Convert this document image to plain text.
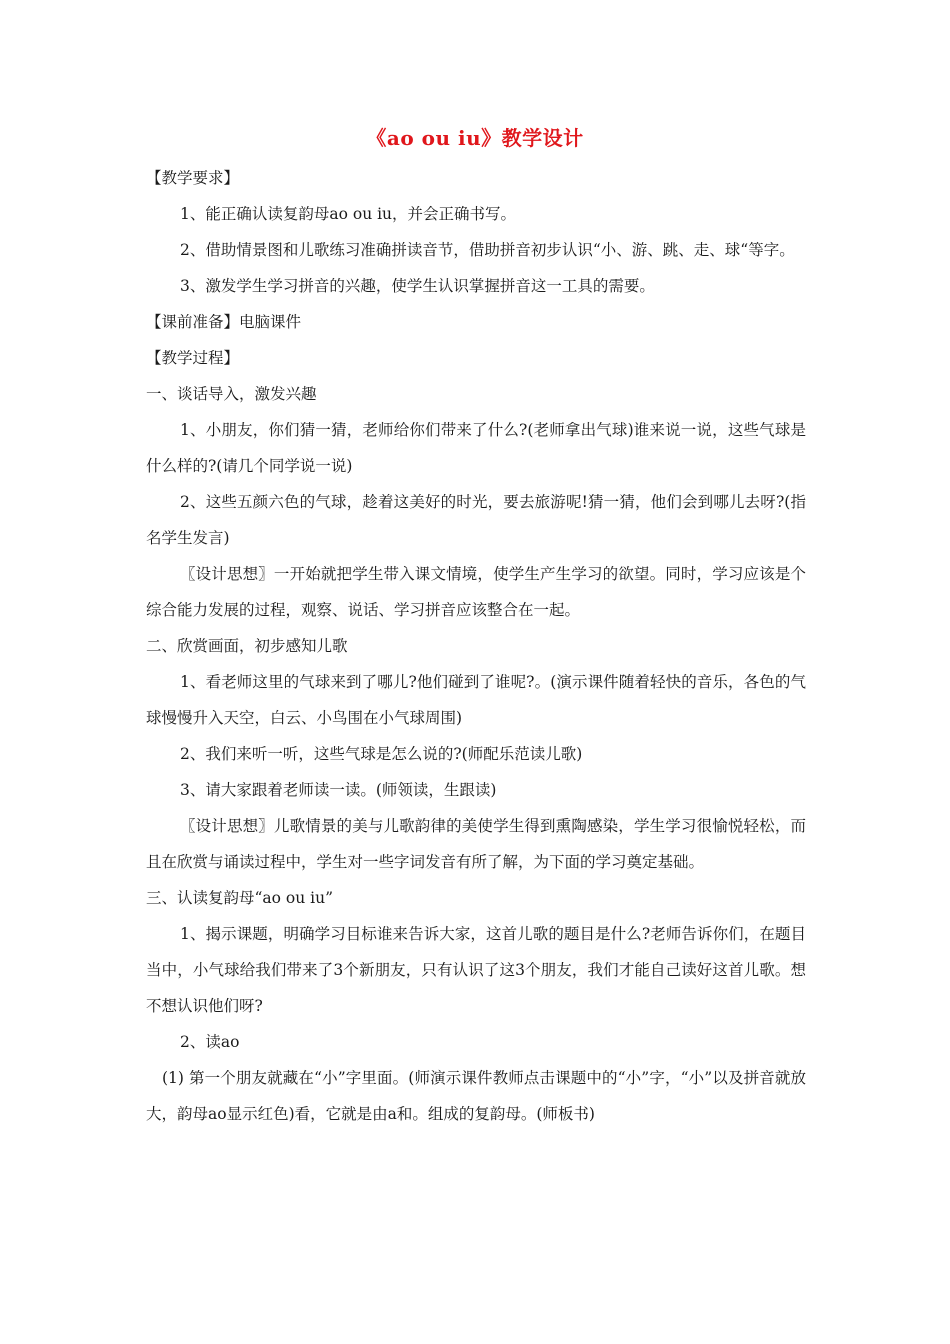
《ao ou iu》教学设计

【教学要求】

1、能正确认读复韵母ao ou iu，并会正确书写。

2、借助情景图和儿歌练习准确拼读音节，借助拼音初步认识“小、游、跳、走、球“等字。

3、激发学生学习拼音的兴趣，使学生认识掌握拼音这一工具的需要。

【课前准备】电脑课件

【教学过程】

一、谈话导入，激发兴趣

1、小朋友，你们猜一猜，老师给你们带来了什么?(老师拿出气球)谁来说一说，这些气球是什么样的?(请几个同学说一说)

2、这些五颜六色的气球，趁着这美好的时光，要去旅游呢!猜一猜，他们会到哪儿去呀?(指名学生发言)

〖设计思想〗一开始就把学生带入课文情境，使学生产生学习的欲望。同时，学习应该是个综合能力发展的过程，观察、说话、学习拼音应该整合在一起。

二、欣赏画面，初步感知儿歌

1、看老师这里的气球来到了哪儿?他们碰到了谁呢?。(演示课件随着轻快的音乐，各色的气球慢慢升入天空，白云、小鸟围在小气球周围)

2、我们来听一听，这些气球是怎么说的?(师配乐范读儿歌)

3、请大家跟着老师读一读。(师领读，生跟读)

〖设计思想〗儿歌情景的美与儿歌韵律的美使学生得到熏陶感染，学生学习很愉悦轻松，而且在欣赏与诵读过程中，学生对一些字词发音有所了解，为下面的学习奠定基础。

三、认读复韵母“ao ou iu”

1、揭示课题，明确学习目标谁来告诉大家，这首儿歌的题目是什么?老师告诉你们，在题目当中，小气球给我们带来了3个新朋友，只有认识了这3个朋友，我们才能自己读好这首儿歌。想不想认识他们呀?

2、读ao

(1) 第一个朋友就藏在“小”字里面。(师演示课件教师点击课题中的“小”字，“小”以及拼音就放大，韵母ao显示红色)看，它就是由a和。组成的复韵母。(师板书)
